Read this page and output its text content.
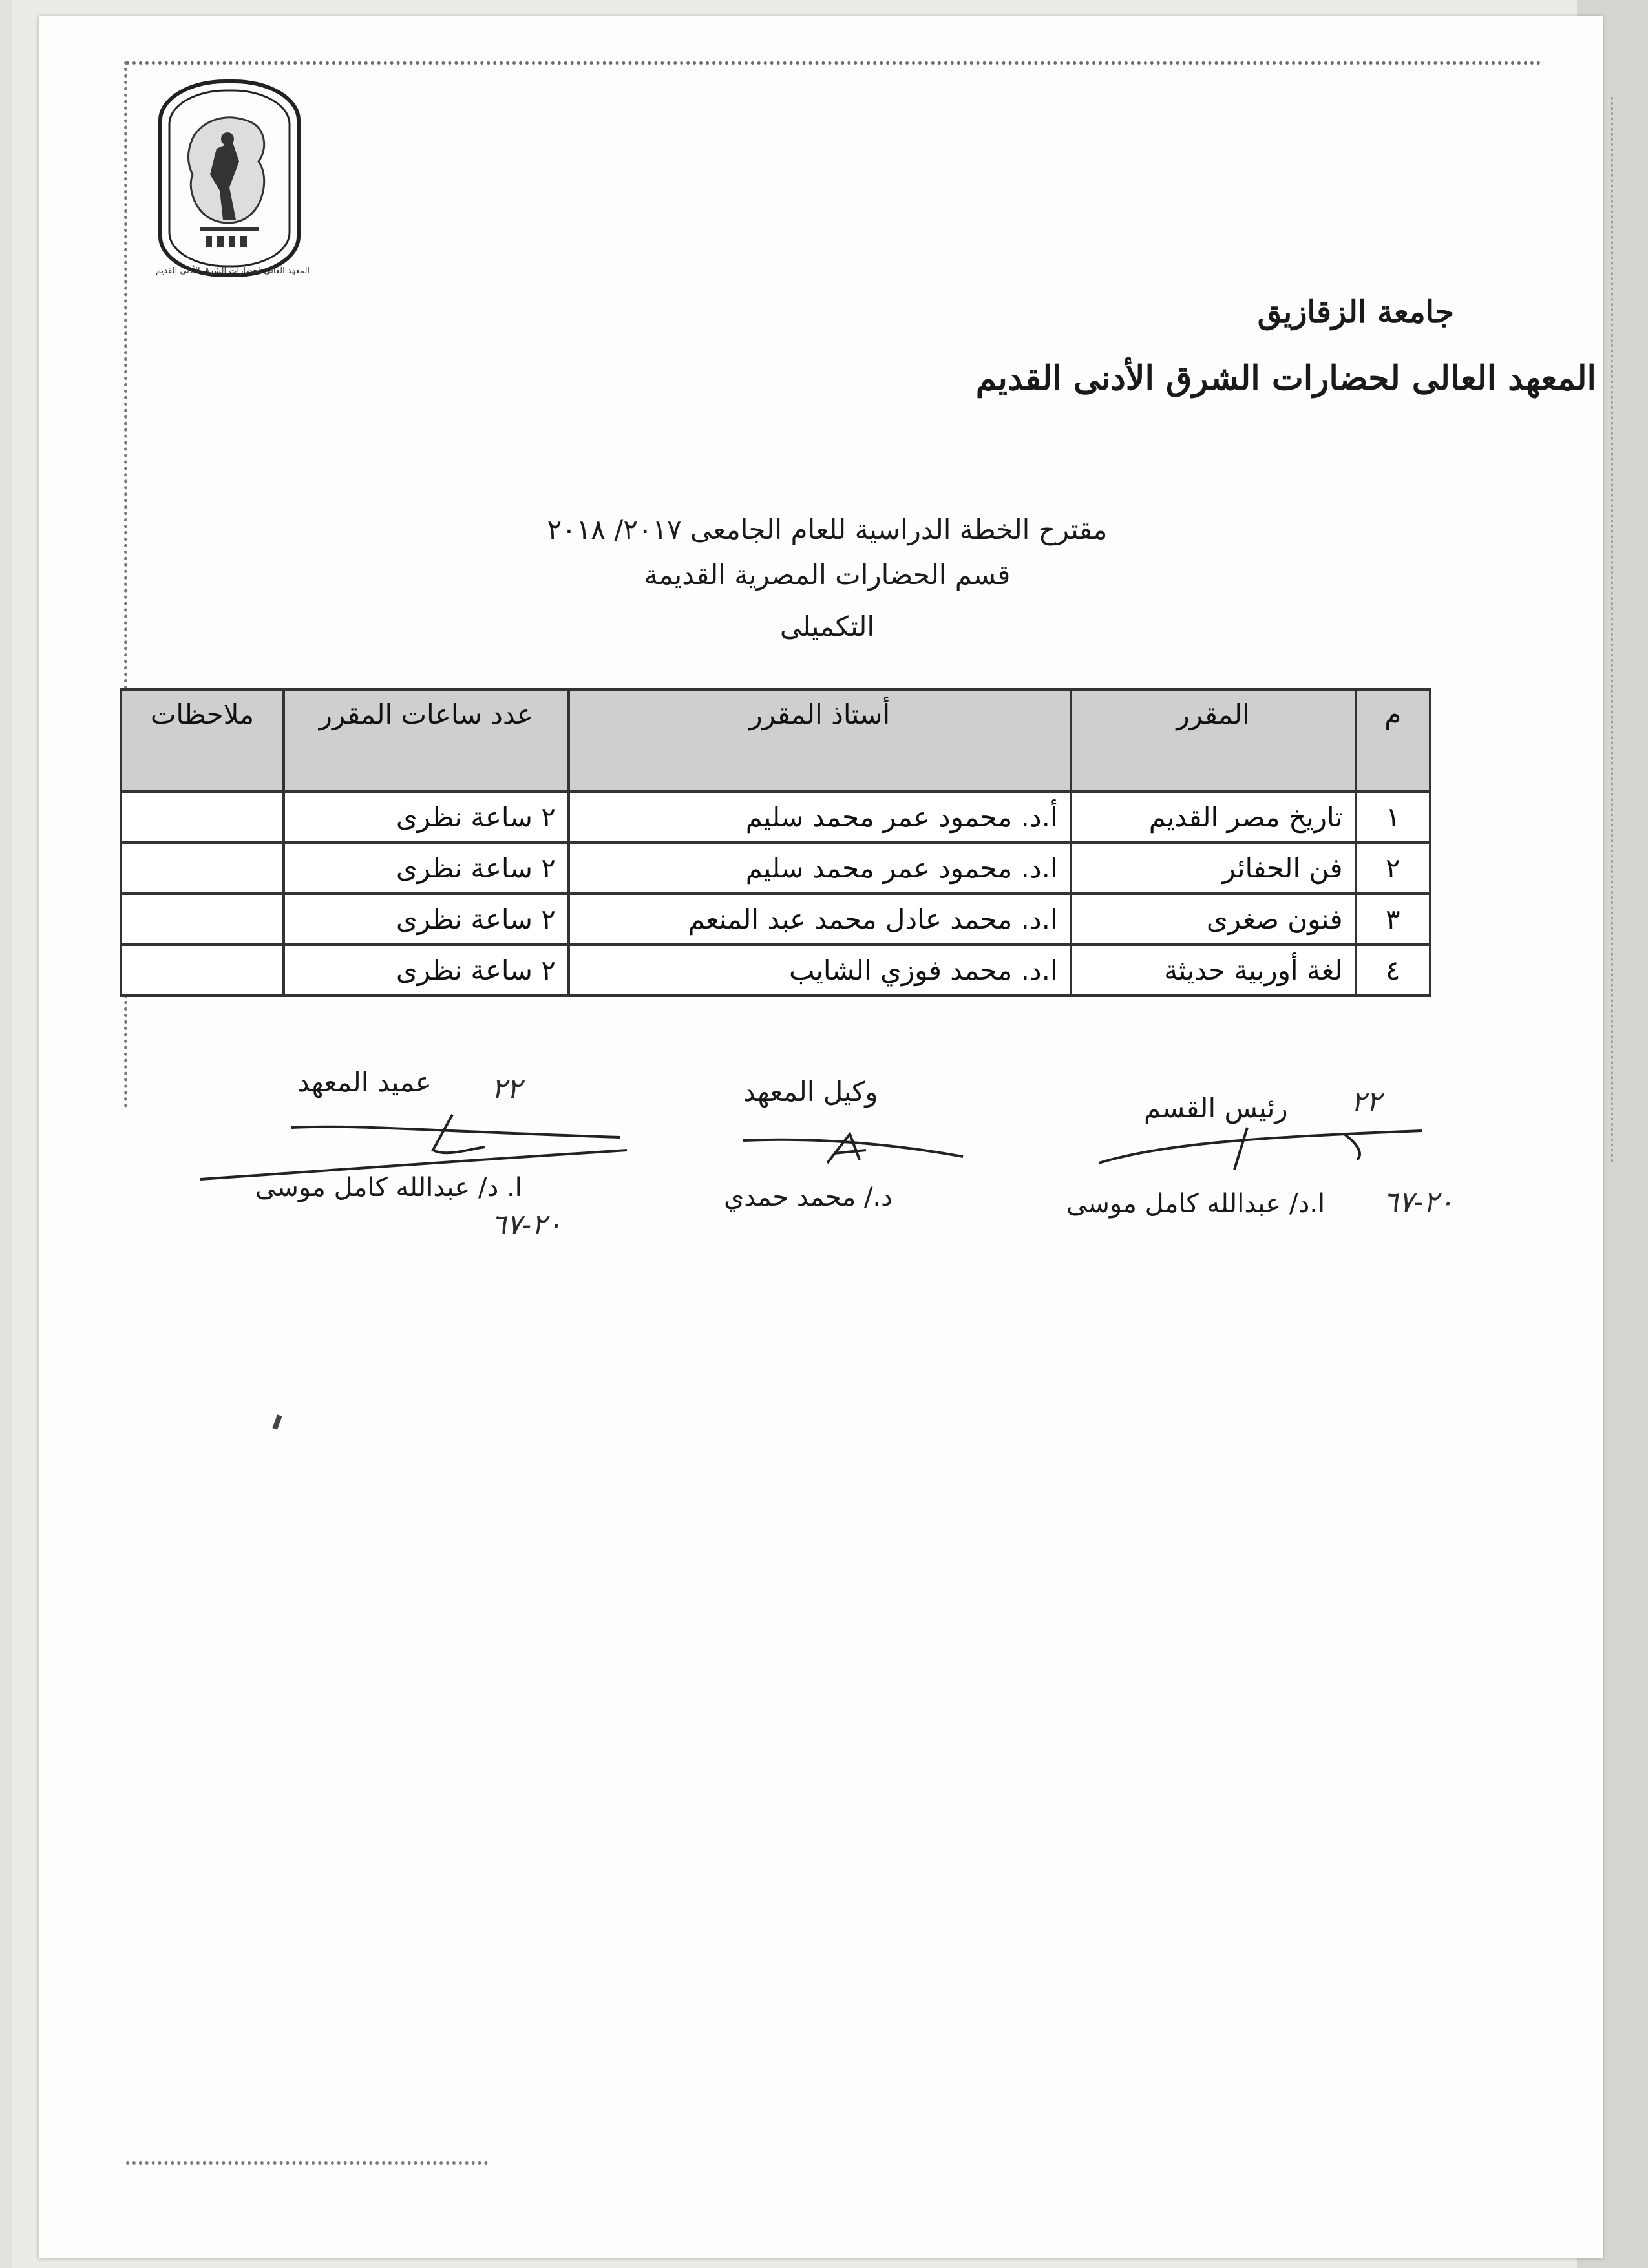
المعهد العالى لحضارات الشرق الأدنى القديم
جامعة الزقازيق
المعهد العالى لحضارات الشرق الأدنى القديم
مقترح الخطة الدراسية للعام الجامعى ٢٠١٧/ ٢٠١٨
قسم الحضارات المصرية القديمة
التكميلى
م	المقرر	أستاذ المقرر	عدد ساعات المقرر	ملاحظات
١	تاريخ مصر القديم	أ.د. محمود عمر محمد سليم	٢ ساعة نظرى	
٢	فن الحفائر	ا.د. محمود عمر محمد سليم	٢ ساعة نظرى	
٣	فنون صغرى	ا.د. محمد عادل محمد عبد المنعم	٢ ساعة نظرى	
٤	لغة أوربية حديثة	ا.د. محمد فوزي الشايب	٢ ساعة نظرى	
رئيس القسم ٢٢
ا.د/ عبدالله كامل موسى ٢٠-٦٧
وكيل المعهد
د./ محمد حمدي
عميد المعهد ٢٢
ا. د/ عبدالله كامل موسى
٢٠-٦٧
